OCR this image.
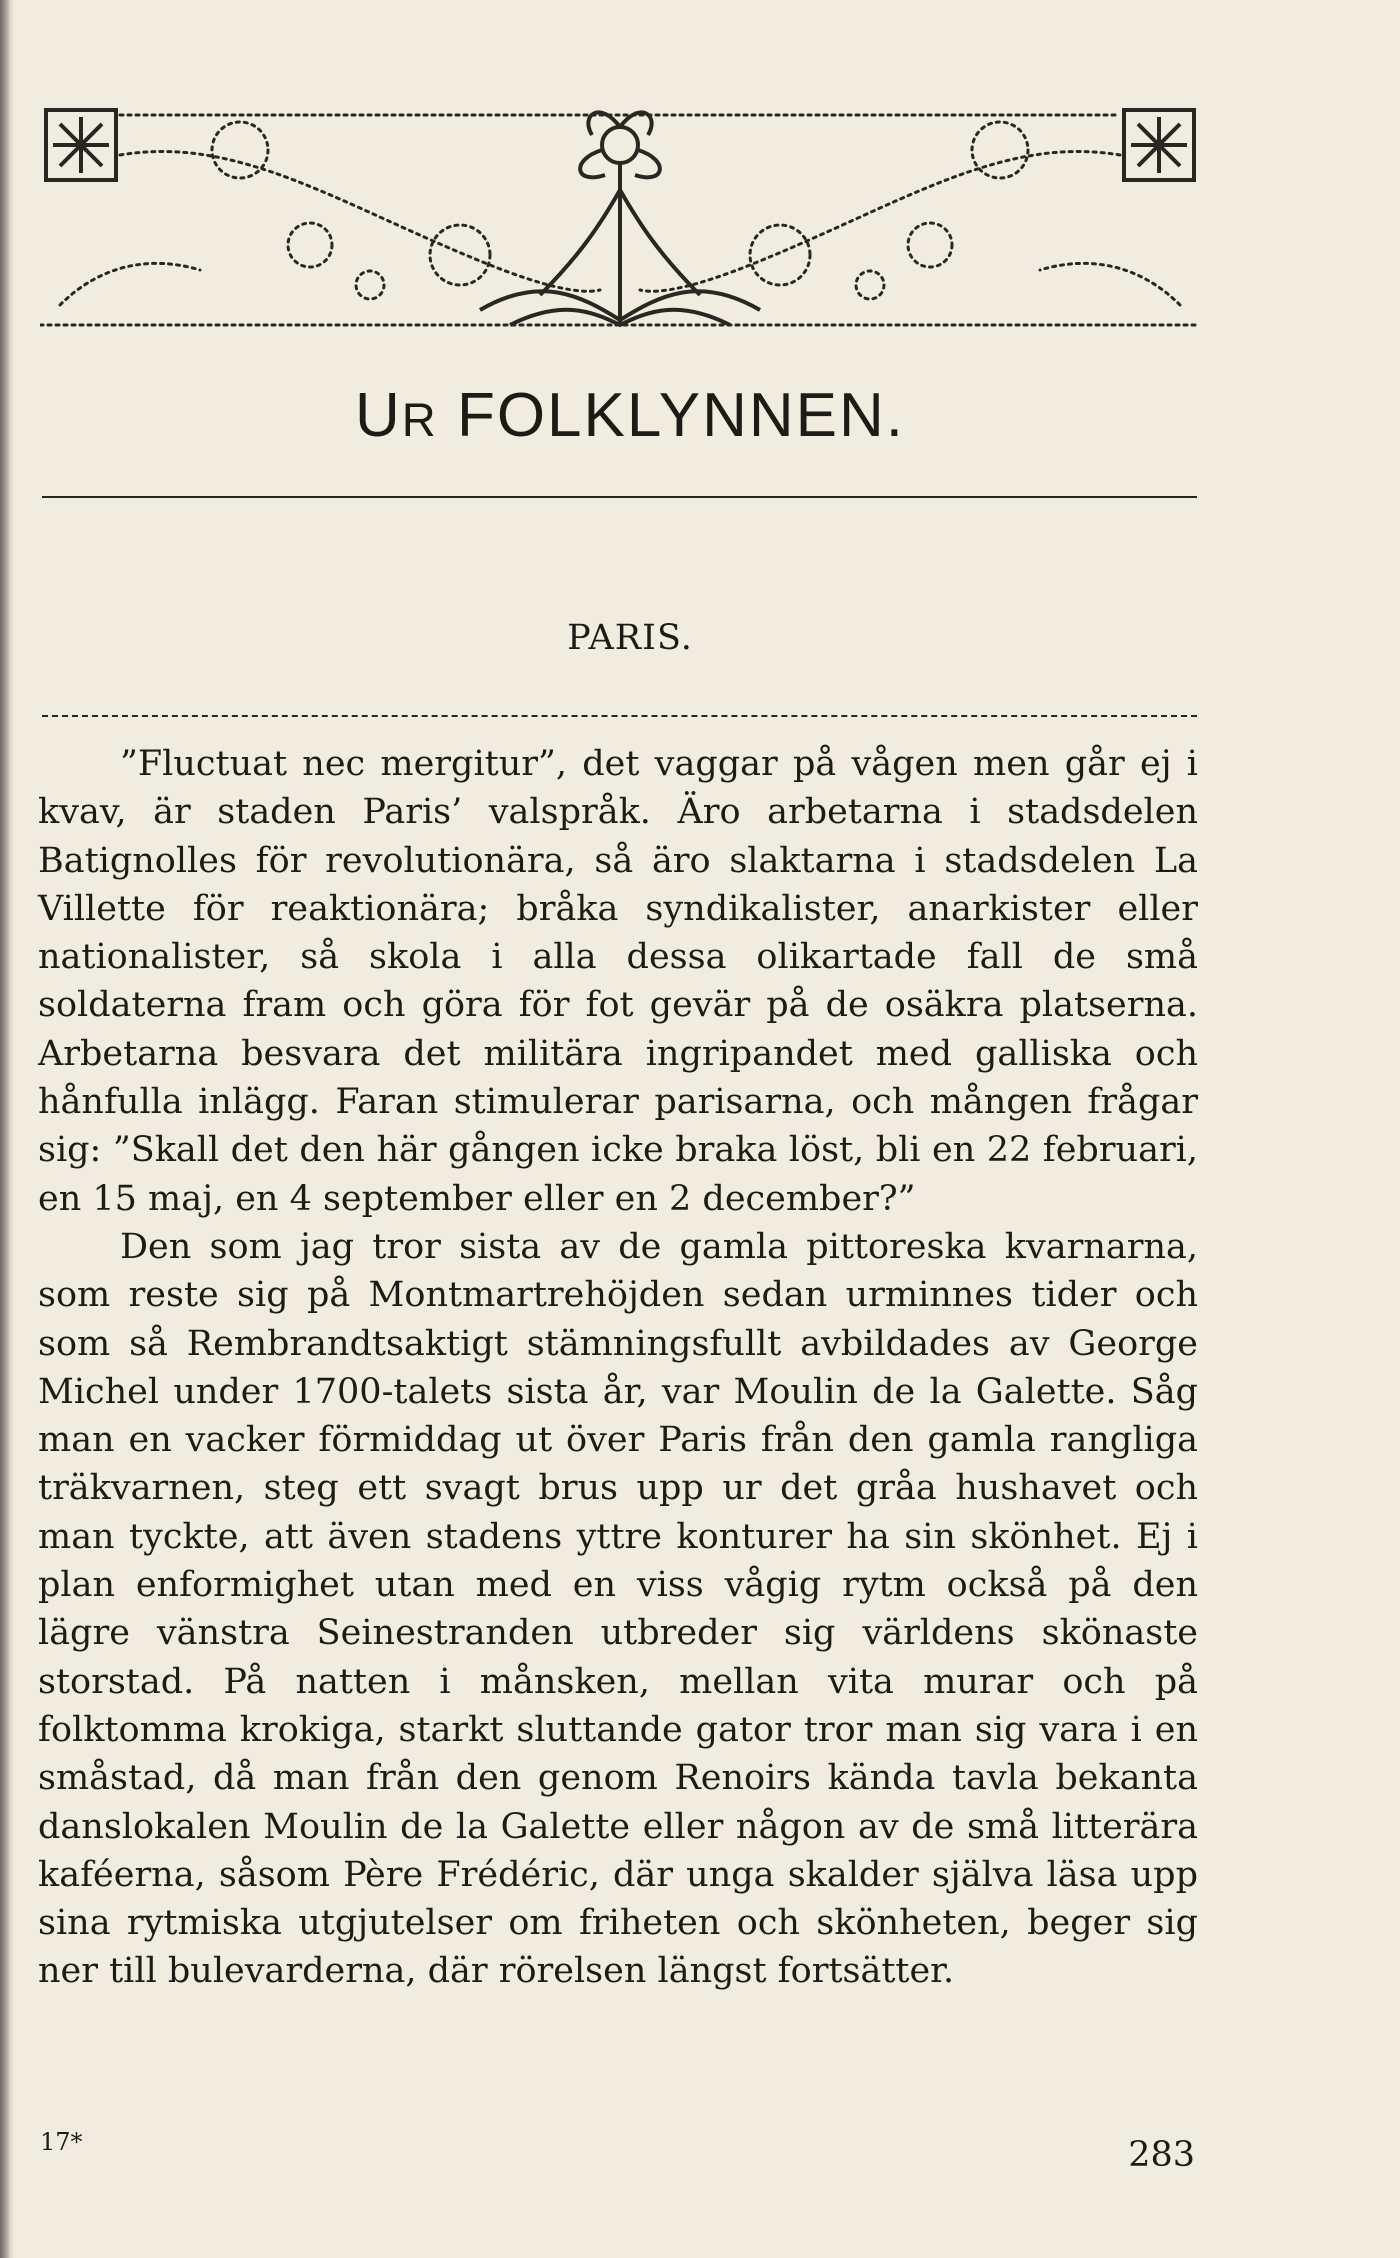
UR FOLKLYNNEN.
PARIS.

”Fluctuat nec mergitur”, det vaggar på vågen men går ej i kvav, är staden Paris’ valspråk. Äro arbetarna i stadsdelen Batignolles för revolutionära, så äro slaktarna i stadsdelen La Villette för reaktionära; bråka syndikalister, anarkister eller nationalister, så skola i alla dessa olikartade fall de små soldaterna fram och göra för fot gevär på de osäkra platserna. Arbetarna besvara det militära ingripandet med galliska och hånfulla inlägg. Faran stimulerar parisarna, och mången frågar sig: ”Skall det den här gången icke braka löst, bli en 22 februari, en 15 maj, en 4 september eller en 2 december?”

Den som jag tror sista av de gamla pittoreska kvarnarna, som reste sig på Montmartrehöjden sedan urminnes tider och som så Rembrandtsaktigt stämningsfullt avbildades av George Michel under 1700-talets sista år, var Moulin de la Galette. Såg man en vacker förmiddag ut över Paris från den gamla rangliga träkvarnen, steg ett svagt brus upp ur det gråa hushavet och man tyckte, att även stadens yttre konturer ha sin skönhet. Ej i plan enformighet utan med en viss vågig rytm också på den lägre vänstra Seinestranden utbreder sig världens skönaste storstad. På natten i månsken, mellan vita murar och på folktomma krokiga, starkt sluttande gator tror man sig vara i en småstad, då man från den genom Renoirs kända tavla bekanta danslokalen Moulin de la Galette eller någon av de små litterära kaféerna, såsom Père Frédéric, där unga skalder själva läsa upp sina rytmiska utgjutelser om friheten och skönheten, beger sig ner till bulevarderna, där rörelsen längst fortsätter.

17*	283
